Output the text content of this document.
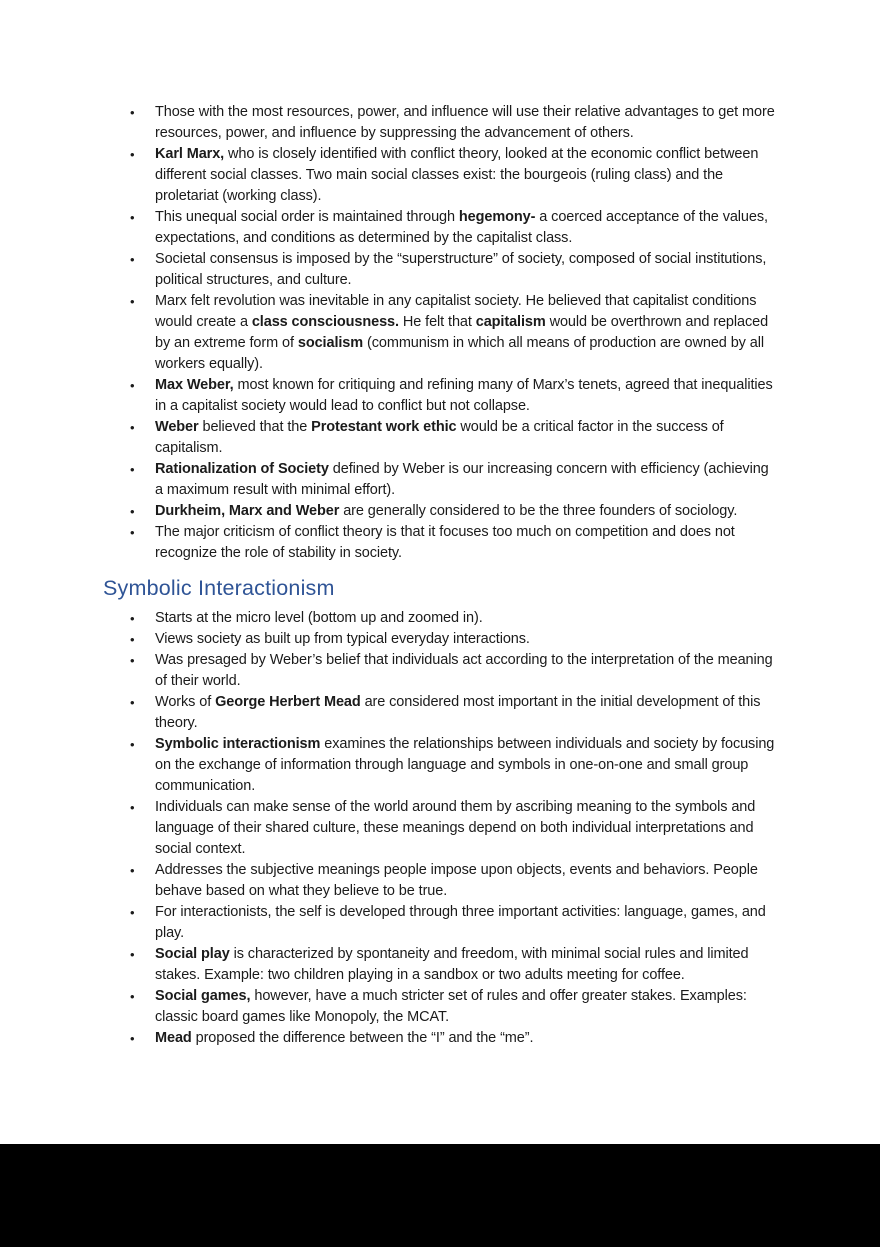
•	Those with the most resources, power, and influence will use their relative advantages to get more resources, power, and influence by suppressing the advancement of others.
•	Karl Marx, who is closely identified with conflict theory, looked at the economic conflict between different social classes. Two main social classes exist: the bourgeois (ruling class) and the proletariat (working class).
•	This unequal social order is maintained through hegemony- a coerced acceptance of the values, expectations, and conditions as determined by the capitalist class.
•	Societal consensus is imposed by the “superstructure” of society, composed of social institutions, political structures, and culture.
•	Marx felt revolution was inevitable in any capitalist society. He believed that capitalist conditions would create a class consciousness. He felt that capitalism would be overthrown and replaced by an extreme form of socialism (communism in which all means of production are owned by all workers equally).
•	Max Weber, most known for critiquing and refining many of Marx’s tenets, agreed that inequalities in a capitalist society would lead to conflict but not collapse.
•	Weber believed that the Protestant work ethic would be a critical factor in the success of capitalism.
•	Rationalization of Society defined by Weber is our increasing concern with efficiency (achieving a maximum result with minimal effort).
•	Durkheim, Marx and Weber are generally considered to be the three founders of sociology.
•	The major criticism of conflict theory is that it focuses too much on competition and does not recognize the role of stability in society.
Symbolic Interactionism
•	Starts at the micro level (bottom up and zoomed in).
•	Views society as built up from typical everyday interactions.
•	Was presaged by Weber’s belief that individuals act according to the interpretation of the meaning of their world.
•	Works of George Herbert Mead are considered most important in the initial development of this theory.
•	Symbolic interactionism examines the relationships between individuals and society by focusing on the exchange of information through language and symbols in one-on-one and small group communication.
•	Individuals can make sense of the world around them by ascribing meaning to the symbols and language of their shared culture, these meanings depend on both individual interpretations and social context.
•	Addresses the subjective meanings people impose upon objects, events and behaviors. People behave based on what they believe to be true.
•	For interactionists, the self is developed through three important activities: language, games, and play.
•	Social play is characterized by spontaneity and freedom, with minimal social rules and limited stakes. Example: two children playing in a sandbox or two adults meeting for coffee.
•	Social games, however, have a much stricter set of rules and offer greater stakes. Examples: classic board games like Monopoly, the MCAT.
•	Mead proposed the difference between the “I” and the “me”.
